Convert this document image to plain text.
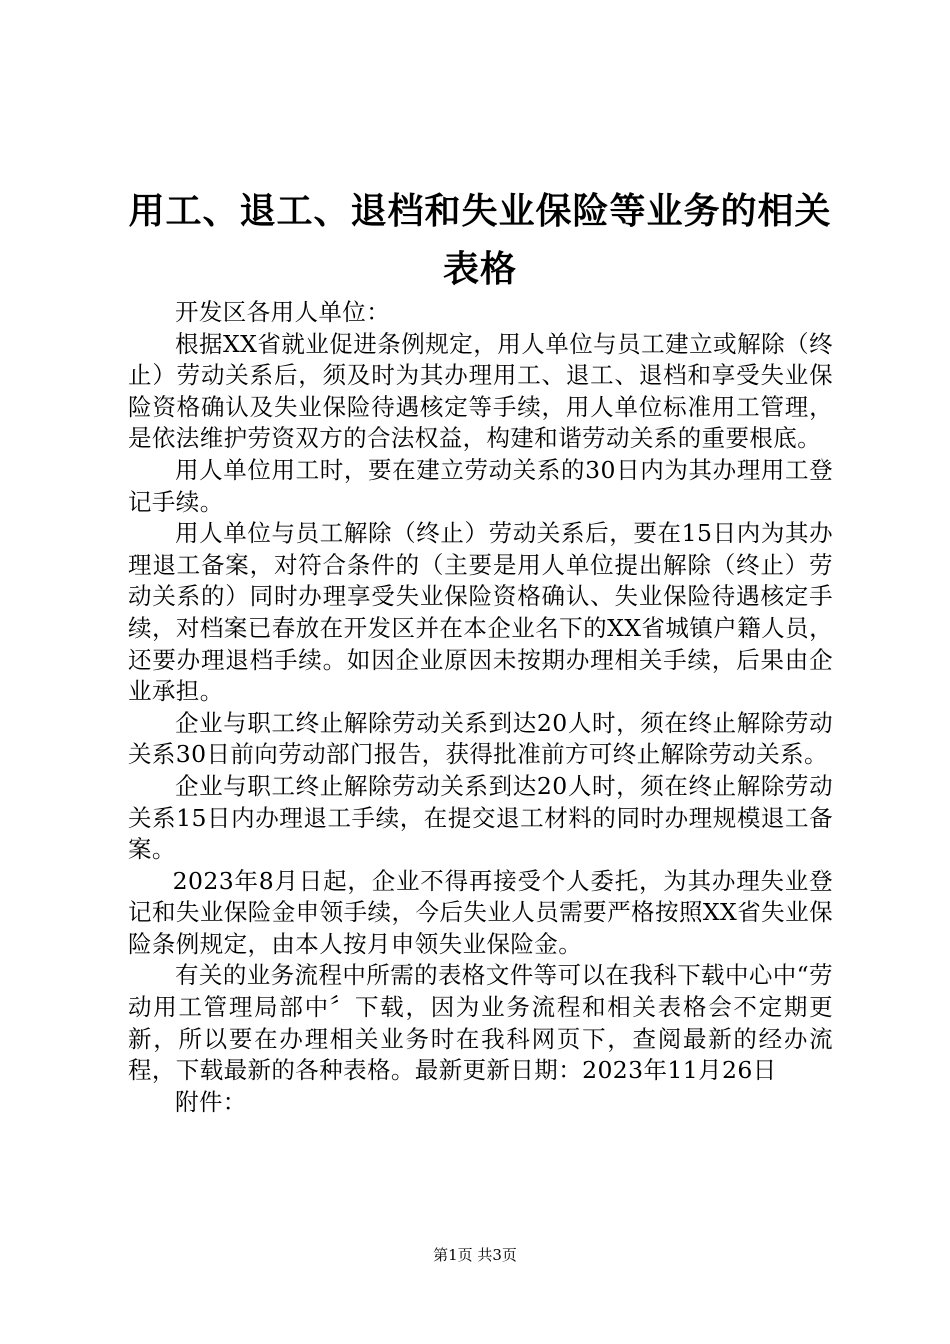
用工、退工、退档和失业保险等业务的相关表格

开发区各用人单位：

根据XX省就业促进条例规定，用人单位与员工建立或解除（终止）劳动关系后，须及时为其办理用工、退工、退档和享受失业保险资格确认及失业保险待遇核定等手续，用人单位标准用工管理，是依法维护劳资双方的合法权益，构建和谐劳动关系的重要根底。

用人单位用工时，要在建立劳动关系的30日内为其办理用工登记手续。

用人单位与员工解除（终止）劳动关系后，要在15日内为其办理退工备案，对符合条件的（主要是用人单位提出解除（终止）劳动关系的）同时办理享受失业保险资格确认、失业保险待遇核定手续，对档案已春放在开发区并在本企业名下的XX省城镇户籍人员，还要办理退档手续。如因企业原因未按期办理相关手续，后果由企业承担。

企业与职工终止解除劳动关系到达20人时，须在终止解除劳动关系30日前向劳动部门报告，获得批准前方可终止解除劳动关系。

企业与职工终止解除劳动关系到达20人时，须在终止解除劳动关系15日内办理退工手续，在提交退工材料的同时办理规模退工备案。

2023年8月日起，企业不得再接受个人委托，为其办理失业登记和失业保险金申领手续，今后失业人员需要严格按照XX省失业保险条例规定，由本人按月申领失业保险金。

有关的业务流程中所需的表格文件等可以在我科下载中心中“劳动用工管理局部中〞下载，因为业务流程和相关表格会不定期更新，所以要在办理相关业务时在我科网页下，查阅最新的经办流程，下载最新的各种表格。最新更新日期：2023年11月26日

附件：

第1页 共3页
